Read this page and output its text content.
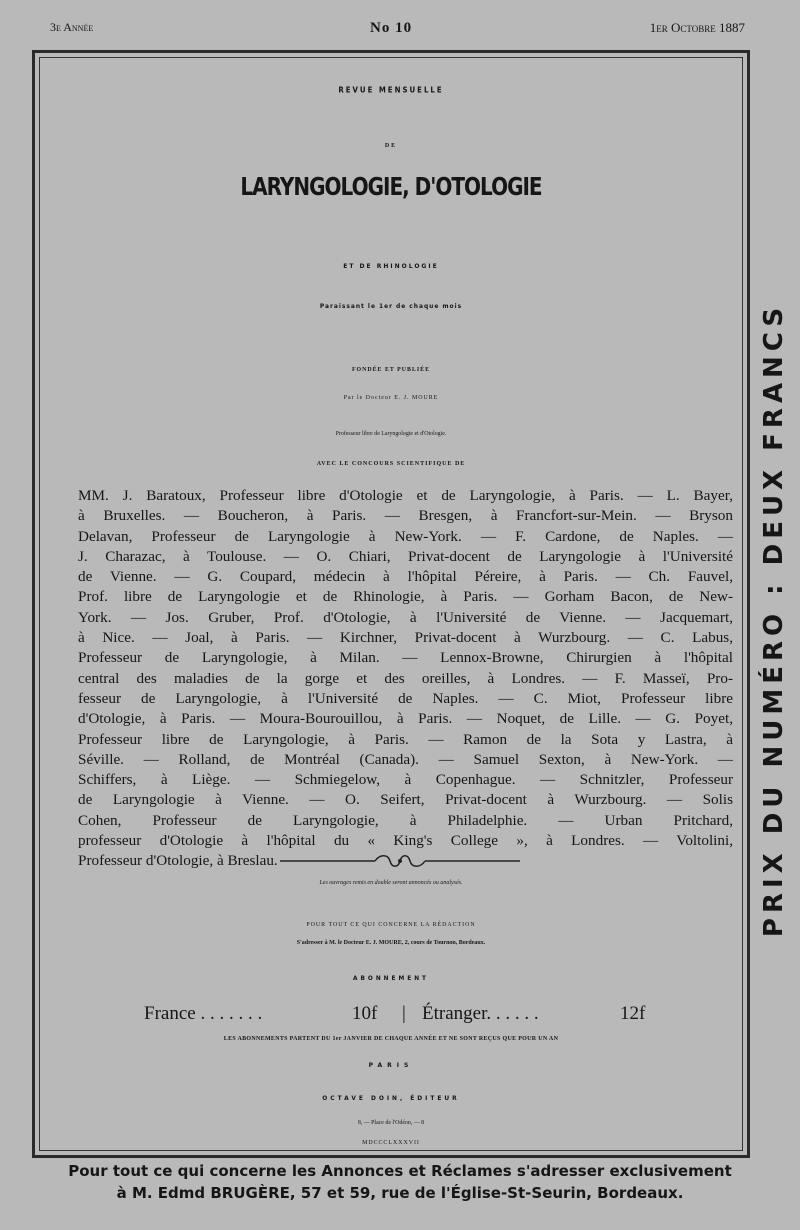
3e Année	No 10	1er Octobre 1887
REVUE MENSUELLE
DE
LARYNGOLOGIE, D'OTOLOGIE
ET DE RHINOLOGIE
Paraissant le 1er de chaque mois
FONDÉE ET PUBLIÉE
Par le Docteur E. J. MOURE
Professeur libre de Laryngologie et d'Otologie.
AVEC LE CONCOURS SCIENTIFIQUE DE
MM. J. Baratoux, Professeur libre d'Otologie et de Laryngologie, à Paris. — L. Bayer,
à Bruxelles. — Boucheron, à Paris. — Bresgen, à Francfort-sur-Mein. — Bryson
Delavan, Professeur de Laryngologie à New-York. — F. Cardone, de Naples. —
J. Charazac, à Toulouse. — O. Chiari, Privat-docent de Laryngologie à l'Université
de Vienne. — G. Coupard, médecin à l'hôpital Péreire, à Paris. — Ch. Fauvel,
Prof. libre de Laryngologie et de Rhinologie, à Paris. — Gorham Bacon, de New-
York. — Jos. Gruber, Prof. d'Otologie, à l'Université de Vienne. — Jacquemart,
à Nice. — Joal, à Paris. — Kirchner, Privat-docent à Wurzbourg. — C. Labus,
Professeur de Laryngologie, à Milan. — Lennox-Browne, Chirurgien à l'hôpital
central des maladies de la gorge et des oreilles, à Londres. — F. Masseï, Pro-
fesseur de Laryngologie, à l'Université de Naples. — C. Miot, Professeur libre
d'Otologie, à Paris. — Moura-Bourouillou, à Paris. — Noquet, de Lille. — G. Poyet,
Professeur libre de Laryngologie, à Paris. — Ramon de la Sota y Lastra, à
Séville. — Rolland, de Montréal (Canada). — Samuel Sexton, à New-York. —
Schiffers, à Liège. — Schmiegelow, à Copenhague. — Schnitzler, Professeur
de Laryngologie à Vienne. — O. Seifert, Privat-docent à Wurzbourg. — Solis
Cohen, Professeur de Laryngologie, à Philadelphie. — Urban Pritchard,
professeur d'Otologie à l'hôpital du « King's College », à Londres. — Voltolini,
Professeur d'Otologie, à Breslau.
Les ouvrages remis en double seront annoncés ou analysés.
POUR TOUT CE QUI CONCERNE LA RÉDACTION
S'adresser à M. le Docteur E. J. MOURE, 2, cours de Tournon, Bordeaux.
ABONNEMENT
France . . . . . . .	10f | Étranger. . . . . .	12f
LES ABONNEMENTS PARTENT DU 1er JANVIER DE CHAQUE ANNÉE ET NE SONT REÇUS QUE POUR UN AN
PARIS
OCTAVE DOIN, ÉDITEUR
8, — Place de l'Odéon, — 8
MDCCCLXXXVII
PRIX DU NUMÉRO : DEUX FRANCS
Pour tout ce qui concerne les Annonces et Réclames s'adresser exclusivement
à M. Edmd BRUGÈRE, 57 et 59, rue de l'Église-St-Seurin, Bordeaux.
